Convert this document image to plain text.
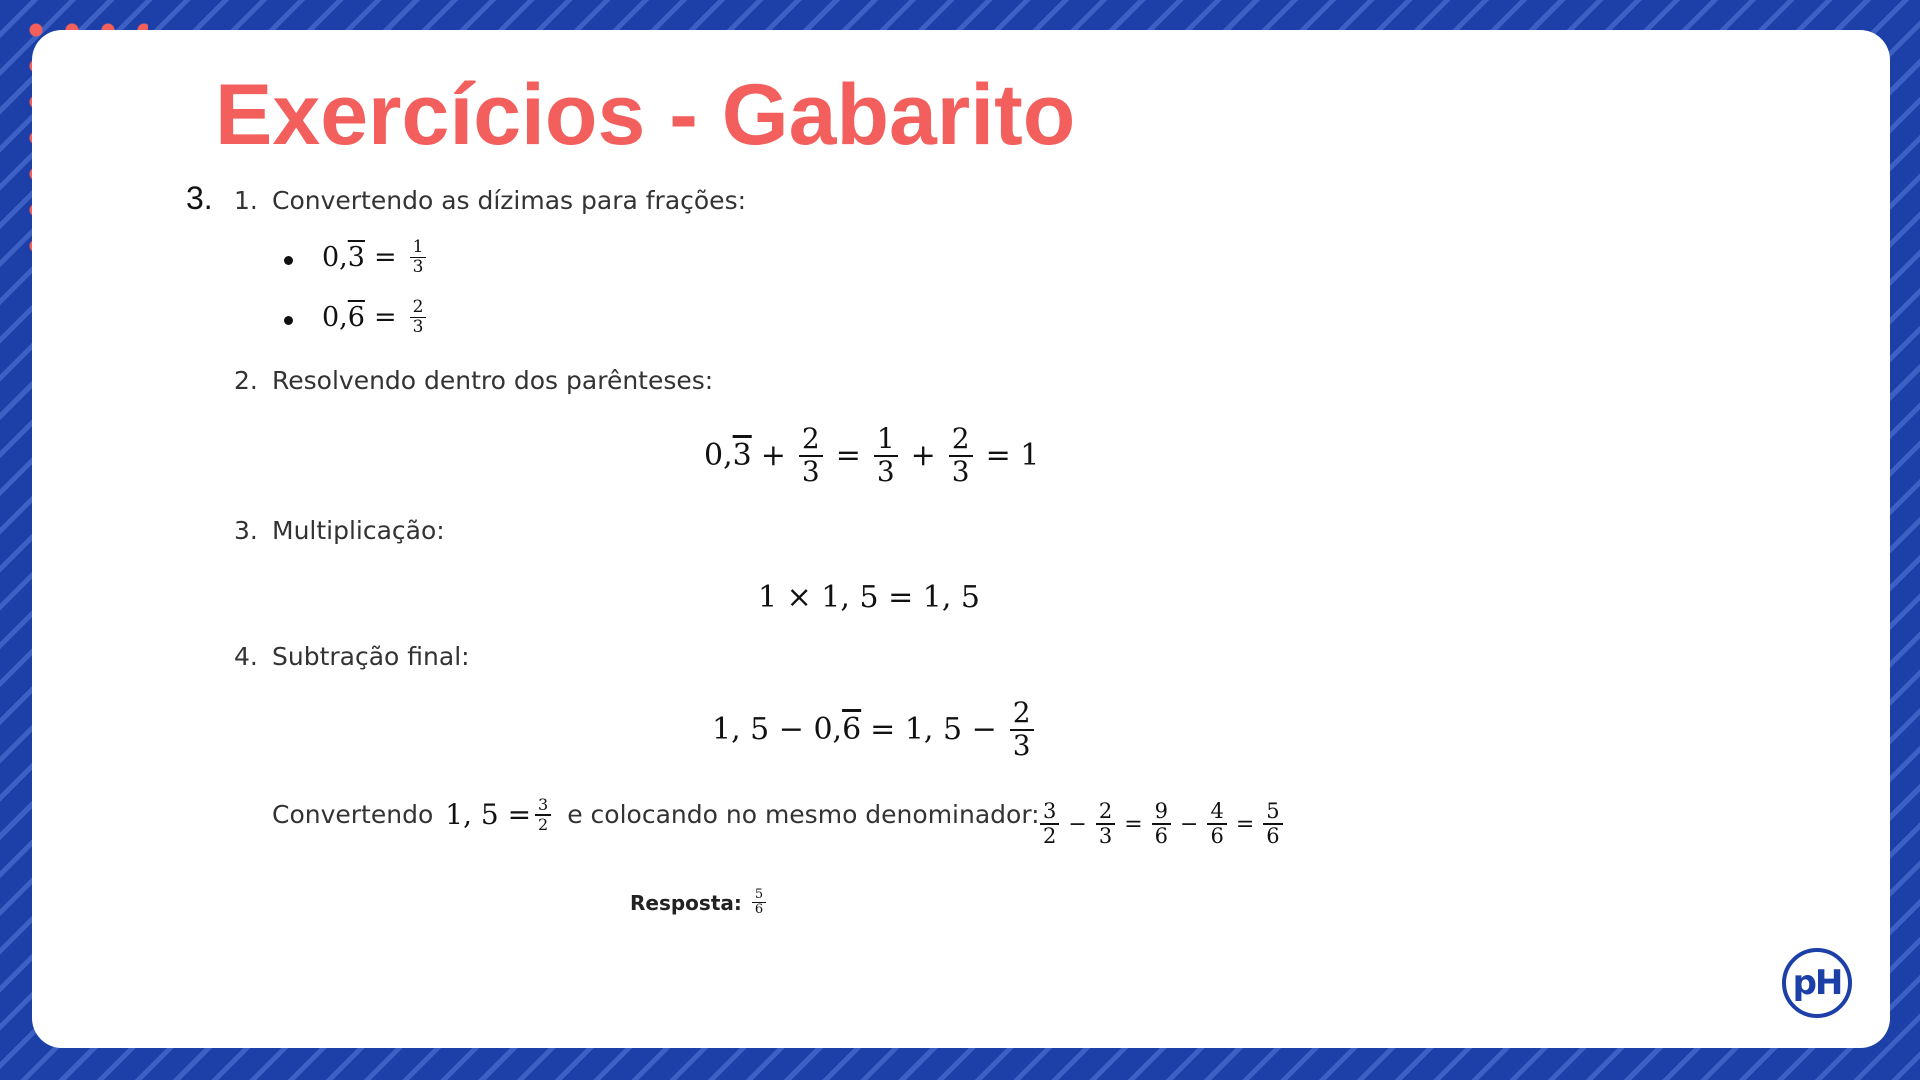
Exercícios - Gabarito
3. 1. Convertendo as dízimas para frações:
0, $3 = \frac{1}{3}$
0, $6 = \frac{2}{3}$
2. Resolvendo dentro dos parênteses:
0, $3 + \frac{2}{3} = \frac{1}{3} + \frac{2}{3} = 1$
3. Multiplicação:
1 × 1, 5 = 1, 5
4. Subtração final:
1, 5 − 0, 6 = 1, $5 - \frac{2}{3}$
Convertendo 1, $5 = \frac{3}{2}$ e colocando no mesmo denominador: $\frac{3}{2} - \frac{2}{3} = \frac{9}{6} - \frac{4}{6} = \frac{5}{6}$
Resposta: $\frac{5}{6}$
pH
